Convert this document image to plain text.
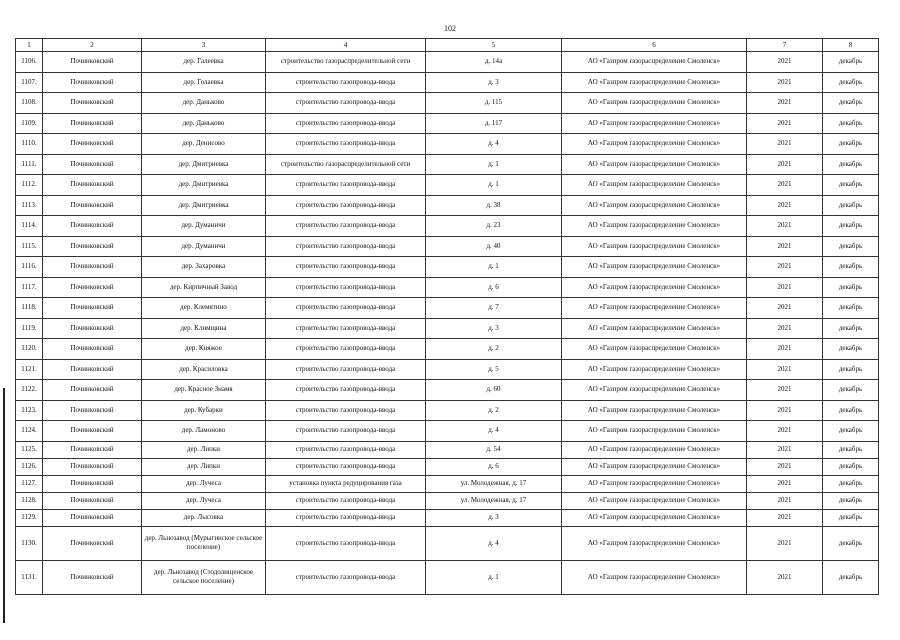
102
1	2	3	4	5	6	7	8
1106.	Починковский	дер. Галеевка	строительство газораспределительной сети	д. 14а	АО «Газпром газораспределение Смоленск»	2021	декабрь
1107.	Починковский	дер. Голаевка	строительство газопровода-ввода	д. 3	АО «Газпром газораспределение Смоленск»	2021	декабрь
1108.	Починковский	дер. Даньково	строительство газопровода-ввода	д. 115	АО «Газпром газораспределение Смоленск»	2021	декабрь
1109.	Починковский	дер. Даньково	строительство газопровода-ввода	д. 117	АО «Газпром газораспределение Смоленск»	2021	декабрь
1110.	Починковский	дер. Денисово	строительство газопровода-ввода	д. 4	АО «Газпром газораспределение Смоленск»	2021	декабрь
1111.	Починковский	дер. Дмитриевка	строительство газораспределительной сети	д. 1	АО «Газпром газораспределение Смоленск»	2021	декабрь
1112.	Починковский	дер. Дмитриевка	строительство газопровода-ввода	д. 1	АО «Газпром газораспределение Смоленск»	2021	декабрь
1113.	Починковский	дер. Дмитриевка	строительство газопровода-ввода	д. 38	АО «Газпром газораспределение Смоленск»	2021	декабрь
1114.	Починковский	дер. Думаничи	строительство газопровода-ввода	д. 23	АО «Газпром газораспределение Смоленск»	2021	декабрь
1115.	Починковский	дер. Думаничи	строительство газопровода-ввода	д. 40	АО «Газпром газораспределение Смоленск»	2021	декабрь
1116.	Починковский	дер. Захаровка	строительство газопровода-ввода	д. 1	АО «Газпром газораспределение Смоленск»	2021	декабрь
1117.	Починковский	дер. Кирпичный Завод	строительство газопровода-ввода	д. 6	АО «Газпром газораспределение Смоленск»	2021	декабрь
1118.	Починковский	дер. Клемятино	строительство газопровода-ввода	д. 7	АО «Газпром газораспределение Смоленск»	2021	декабрь
1119.	Починковский	дер. Климщина	строительство газопровода-ввода	д. 3	АО «Газпром газораспределение Смоленск»	2021	декабрь
1120.	Починковский	дер. Княжое	строительство газопровода-ввода	д. 2	АО «Газпром газораспределение Смоленск»	2021	декабрь
1121.	Починковский	дер. Красиловка	строительство газопровода-ввода	д. 5	АО «Газпром газораспределение Смоленск»	2021	декабрь
1122.	Починковский	дер. Красное Знамя	строительство газопровода-ввода	д. 60	АО «Газпром газораспределение Смоленск»	2021	декабрь
1123.	Починковский	дер. Кубарки	строительство газопровода-ввода	д. 2	АО «Газпром газораспределение Смоленск»	2021	декабрь
1124.	Починковский	дер. Ламоново	строительство газопровода-ввода	д. 4	АО «Газпром газораспределение Смоленск»	2021	декабрь
1125.	Починковский	дер. Липки	строительство газопровода-ввода	д. 54	АО «Газпром газораспределение Смоленск»	2021	декабрь
1126.	Починковский	дер. Липки	строительство газопровода-ввода	д. 6	АО «Газпром газораспределение Смоленск»	2021	декабрь
1127.	Починковский	дер. Лучеса	установка пункта редуцирования газа	ул. Молодежная, д. 17	АО «Газпром газораспределение Смоленск»	2021	декабрь
1128.	Починковский	дер. Лучеса	строительство газопровода-ввода	ул. Молодежная, д. 17	АО «Газпром газораспределение Смоленск»	2021	декабрь
1129.	Починковский	дер. Лысовка	строительство газопровода-ввода	д. 3	АО «Газпром газораспределение Смоленск»	2021	декабрь
1130.	Починковский	дер. Льнозавод (Мурыгинское сельское поселение)	строительство газопровода-ввода	д. 4	АО «Газпром газораспределение Смоленск»	2021	декабрь
1131.	Починковский	дер. Льнозавод (Стодолищенское сельское поселение)	строительство газопровода-ввода	д. 1	АО «Газпром газораспределение Смоленск»	2021	декабрь
